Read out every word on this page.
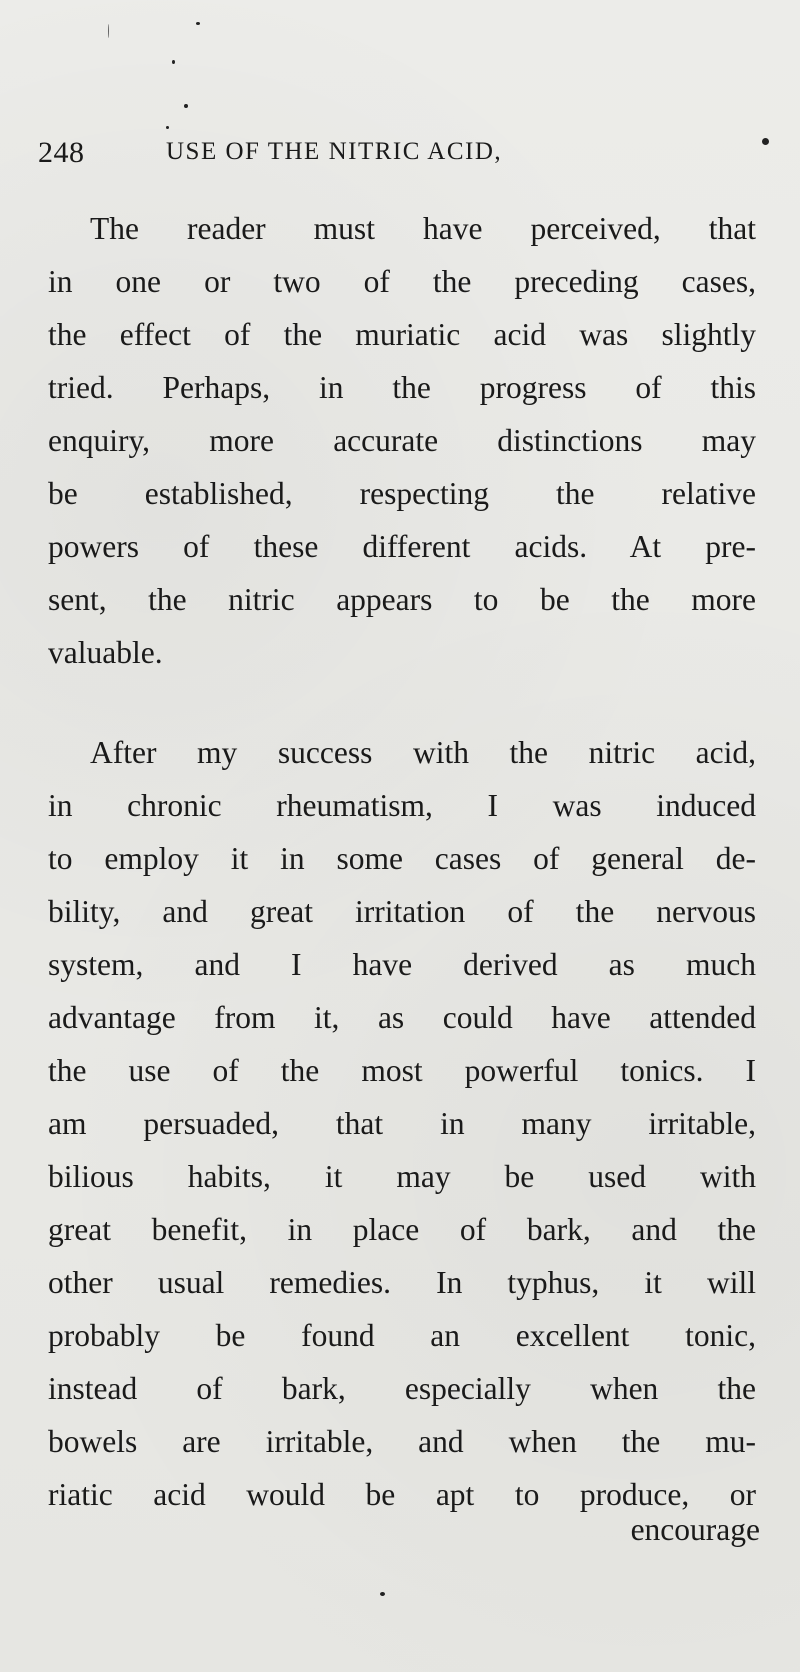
248	USE OF THE NITRIC ACID,
The reader must have perceived, that
in one or two of the preceding cases,
the effect of the muriatic acid was slightly
tried. Perhaps, in the progress of this
enquiry, more accurate distinctions may
be established, respecting the relative
powers of these different acids. At pre-
sent, the nitric appears to be the more
valuable.
After my success with the nitric acid,
in chronic rheumatism, I was induced
to employ it in some cases of general de-
bility, and great irritation of the nervous
system, and I have derived as much
advantage from it, as could have attended
the use of the most powerful tonics. I
am persuaded, that in many irritable,
bilious habits, it may be used with
great benefit, in place of bark, and the
other usual remedies. In typhus, it will
probably be found an excellent tonic,
instead of bark, especially when the
bowels are irritable, and when the mu-
riatic acid would be apt to produce, or
encourage
